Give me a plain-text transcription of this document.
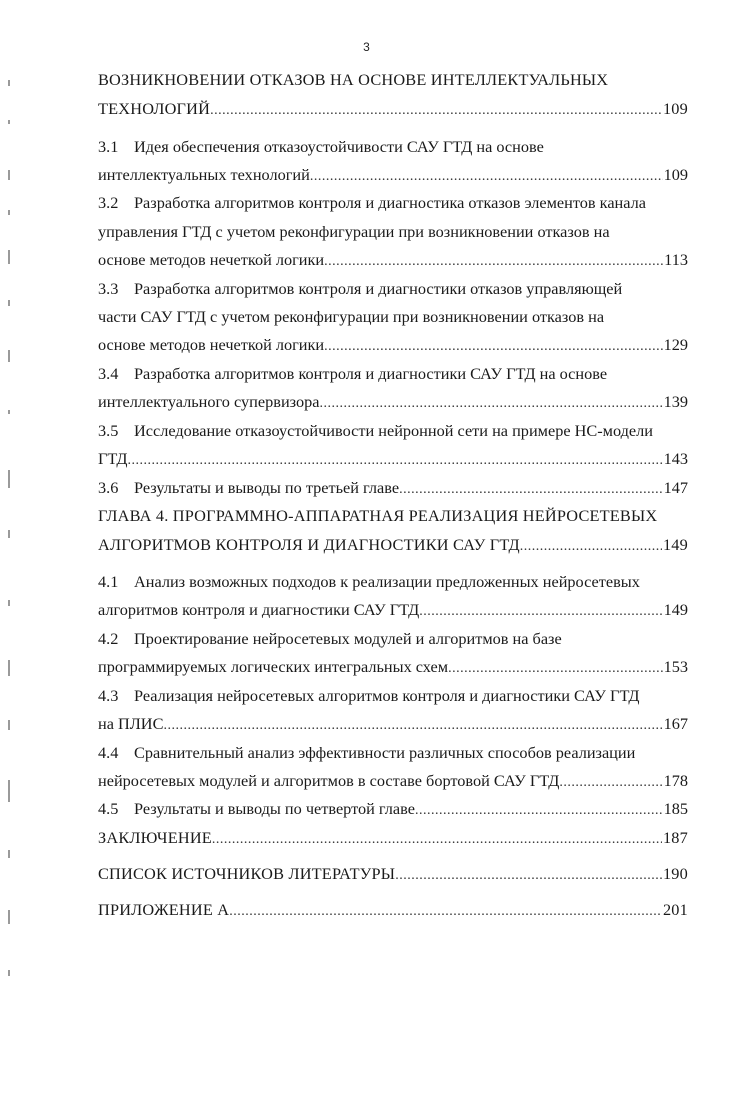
3
ВОЗНИКНОВЕНИИ ОТКАЗОВ НА ОСНОВЕ ИНТЕЛЛЕКТУАЛЬНЫХ
ТЕХНОЛОГИЙ .....	109
3.1 Идея обеспечения отказоустойчивости САУ ГТД на основе
интеллектуальных технологий .....	109
3.2 Разработка алгоритмов контроля и диагностика отказов элементов канала
управления ГТД с учетом реконфигурации при возникновении отказов на
основе методов нечеткой логики .....	113
3.3 Разработка алгоритмов контроля и диагностики отказов управляющей
части САУ ГТД с учетом реконфигурации при возникновении отказов на
основе методов нечеткой логики .....	129
3.4 Разработка алгоритмов контроля и диагностики САУ ГТД на основе
интеллектуального супервизора .....	139
3.5 Исследование отказоустойчивости нейронной сети на примере НС-модели
ГТД .....	143
3.6 Результаты и выводы по третьей главе .....	147
ГЛАВА 4. ПРОГРАММНО-АППАРАТНАЯ РЕАЛИЗАЦИЯ НЕЙРОСЕТЕВЫХ
АЛГОРИТМОВ КОНТРОЛЯ И ДИАГНОСТИКИ САУ ГТД .....	149
4.1 Анализ возможных подходов к реализации предложенных нейросетевых
алгоритмов контроля и диагностики САУ ГТД .....	149
4.2 Проектирование нейросетевых модулей и алгоритмов на базе
программируемых логических интегральных схем .....	153
4.3 Реализация нейросетевых алгоритмов контроля и диагностики САУ ГТД
на ПЛИС .....	167
4.4 Сравнительный анализ эффективности различных способов реализации
нейросетевых модулей и алгоритмов в составе бортовой САУ ГТД .....	178
4.5 Результаты и выводы по четвертой главе .....	185
ЗАКЛЮЧЕНИЕ .....	187
СПИСОК ИСТОЧНИКОВ ЛИТЕРАТУРЫ .....	190
ПРИЛОЖЕНИЕ А .....	201
